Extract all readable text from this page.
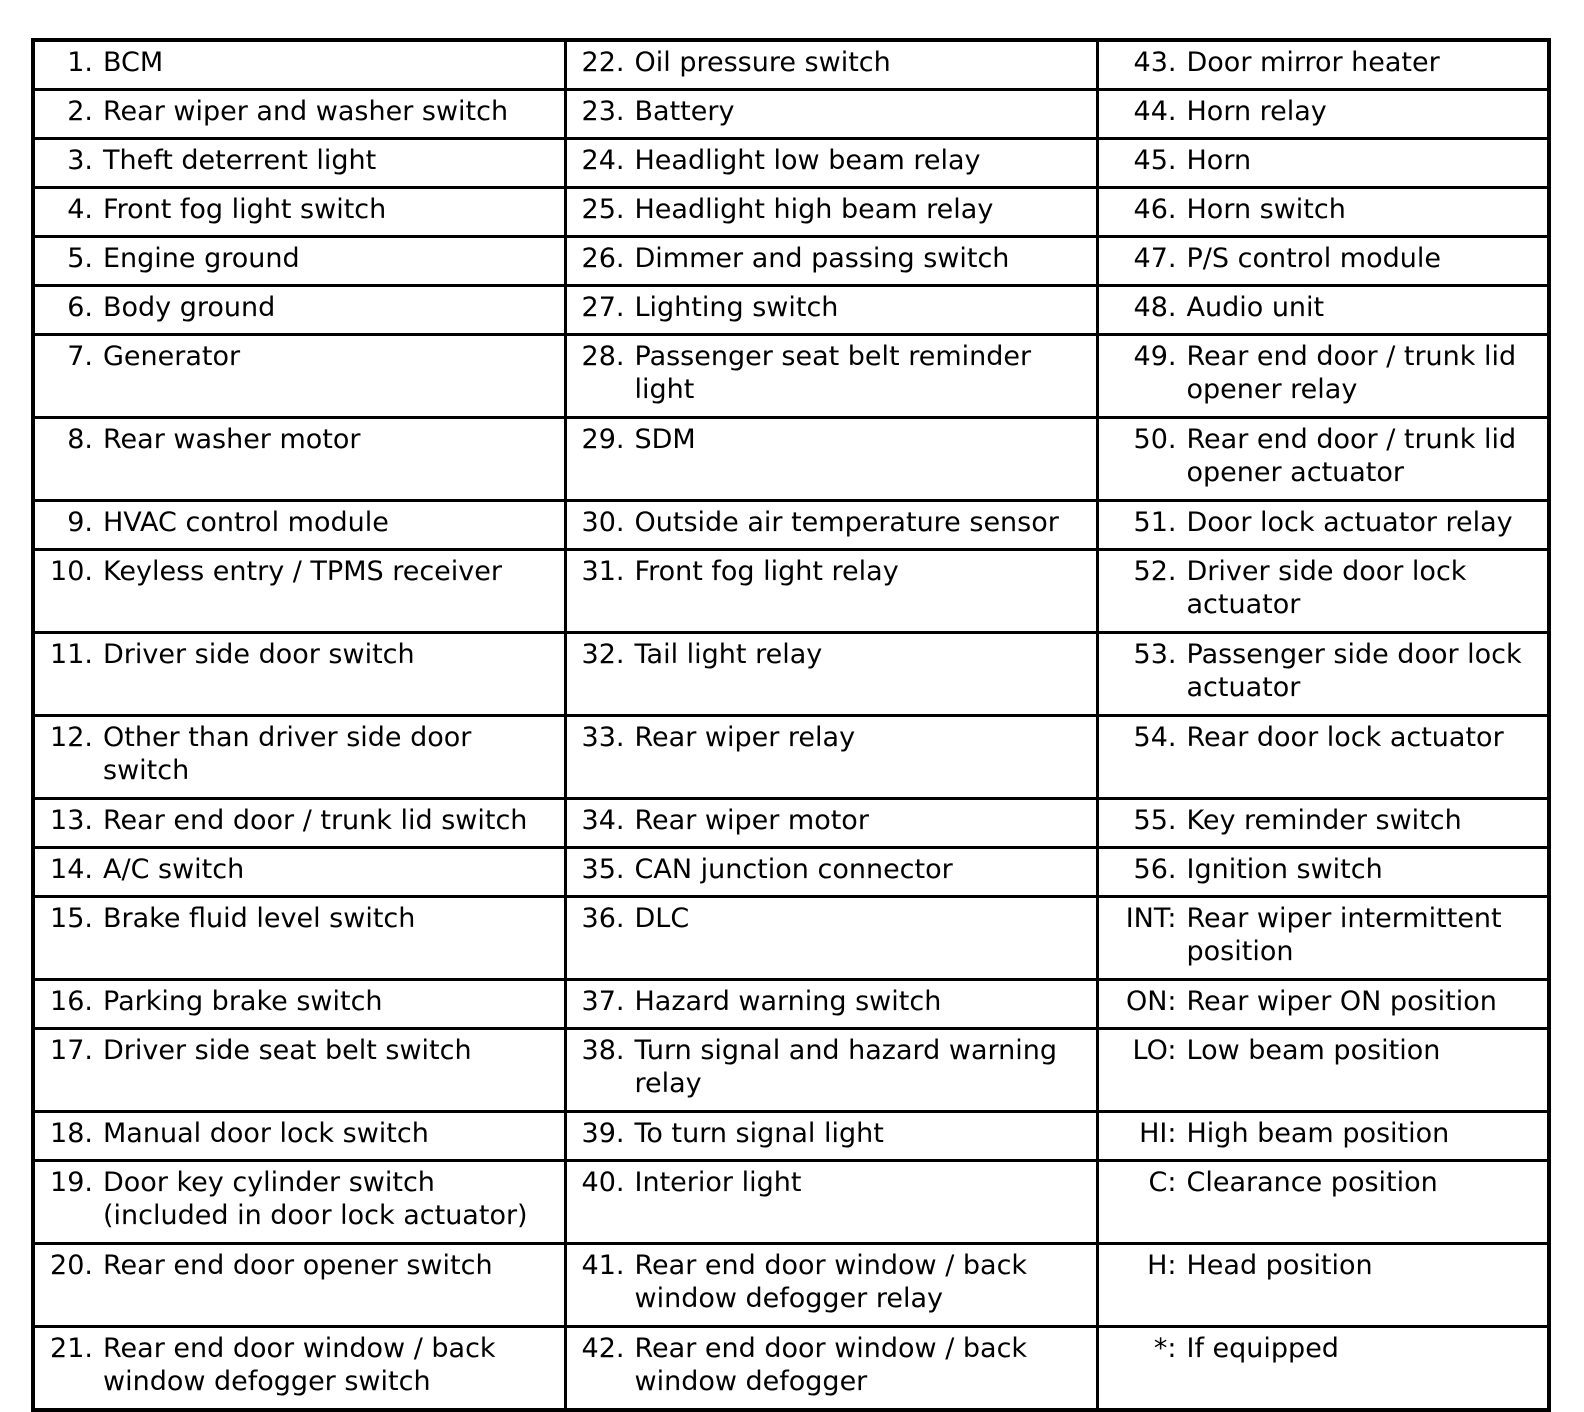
1. BCM	22. Oil pressure switch	43. Door mirror heater

2. Rear wiper and washer switch	23. Battery	44. Horn relay

3. Theft deterrent light	24. Headlight low beam relay	45. Horn

4. Front fog light switch	25. Headlight high beam relay	46. Horn switch

5. Engine ground	26. Dimmer and passing switch	47. P/S control module

6. Body ground	27. Lighting switch	48. Audio unit

7. Generator	28. Passenger seat belt reminder light	49. Rear end door / trunk lid opener relay

8. Rear washer motor	29. SDM	50. Rear end door / trunk lid opener actuator

9. HVAC control module	30. Outside air temperature sensor	51. Door lock actuator relay

10. Keyless entry / TPMS receiver	31. Front fog light relay	52. Driver side door lock actuator

11. Driver side door switch	32. Tail light relay	53. Passenger side door lock actuator

12. Other than driver side door switch	33. Rear wiper relay	54. Rear door lock actuator

13. Rear end door / trunk lid switch	34. Rear wiper motor	55. Key reminder switch

14. A/C switch	35. CAN junction connector	56. Ignition switch

15. Brake fluid level switch	36. DLC	INT: Rear wiper intermittent position

16. Parking brake switch	37. Hazard warning switch	ON: Rear wiper ON position

17. Driver side seat belt switch	38. Turn signal and hazard warning relay	LO: Low beam position

18. Manual door lock switch	39. To turn signal light	HI: High beam position

19. Door key cylinder switch (included in door lock actuator)	40. Interior light	C: Clearance position

20. Rear end door opener switch	41. Rear end door window / back window defogger relay	H: Head position

21. Rear end door window / back window defogger switch	42. Rear end door window / back window defogger	*: If equipped
